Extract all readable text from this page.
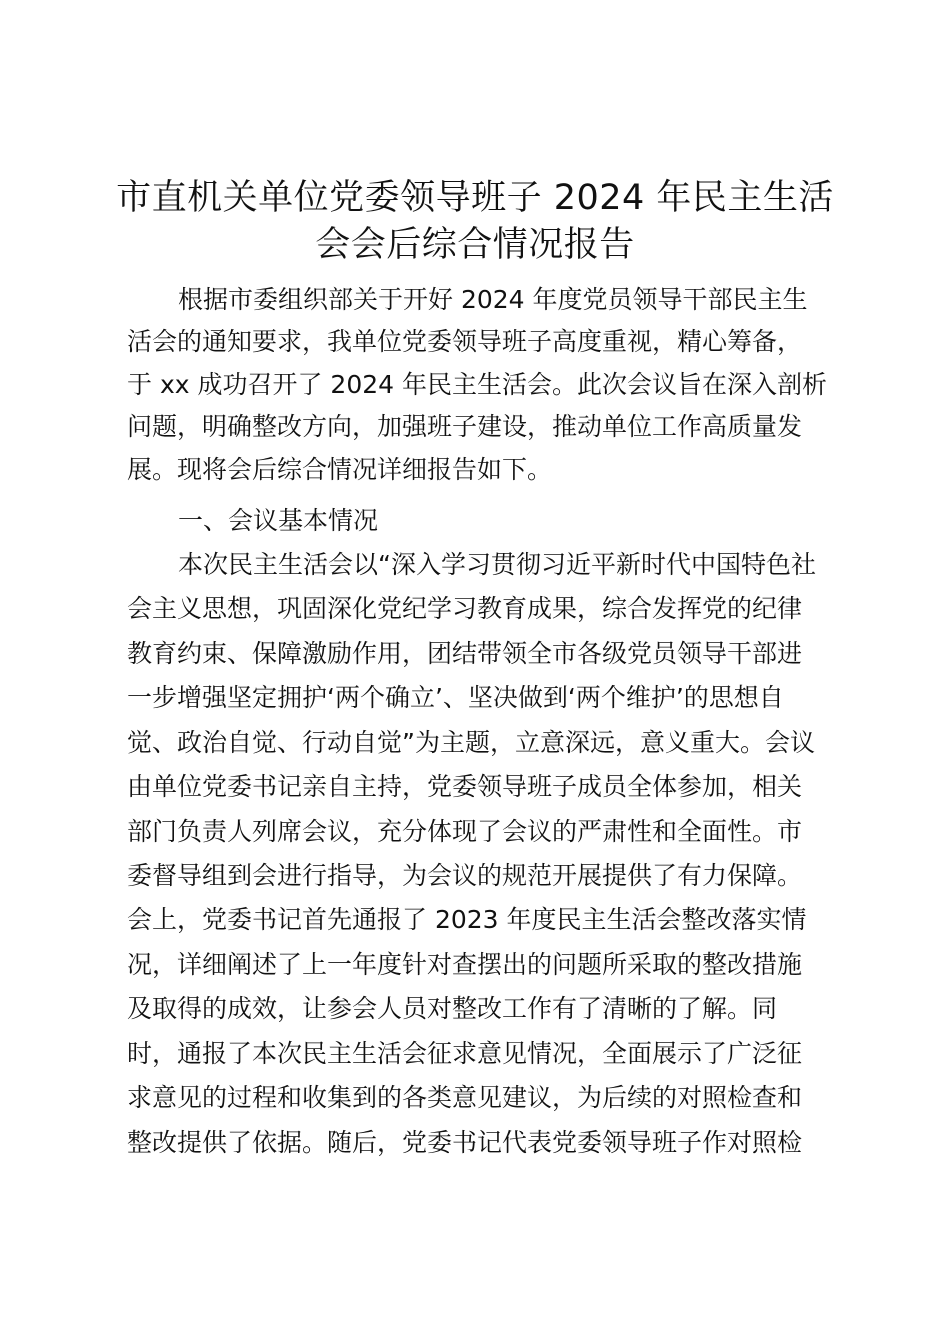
市直机关单位党委领导班子 2024 年民主生活
会会后综合情况报告
根据市委组织部关于开好 2024 年度党员领导干部民主生
活会的通知要求，我单位党委领导班子高度重视，精心筹备，
于 xx 成功召开了 2024 年民主生活会。此次会议旨在深入剖析
问题，明确整改方向，加强班子建设，推动单位工作高质量发
展。现将会后综合情况详细报告如下。
一、会议基本情况
本次民主生活会以“深入学习贯彻习近平新时代中国特色社
会主义思想，巩固深化党纪学习教育成果，综合发挥党的纪律
教育约束、保障激励作用，团结带领全市各级党员领导干部进
一步增强坚定拥护‘两个确立’、坚决做到‘两个维护’的思想自
觉、政治自觉、行动自觉”为主题，立意深远，意义重大。会议
由单位党委书记亲自主持，党委领导班子成员全体参加，相关
部门负责人列席会议，充分体现了会议的严肃性和全面性。市
委督导组到会进行指导，为会议的规范开展提供了有力保障。
会上，党委书记首先通报了 2023 年度民主生活会整改落实情
况，详细阐述了上一年度针对查摆出的问题所采取的整改措施
及取得的成效，让参会人员对整改工作有了清晰的了解。同
时，通报了本次民主生活会征求意见情况，全面展示了广泛征
求意见的过程和收集到的各类意见建议，为后续的对照检查和
整改提供了依据。随后，党委书记代表党委领导班子作对照检
